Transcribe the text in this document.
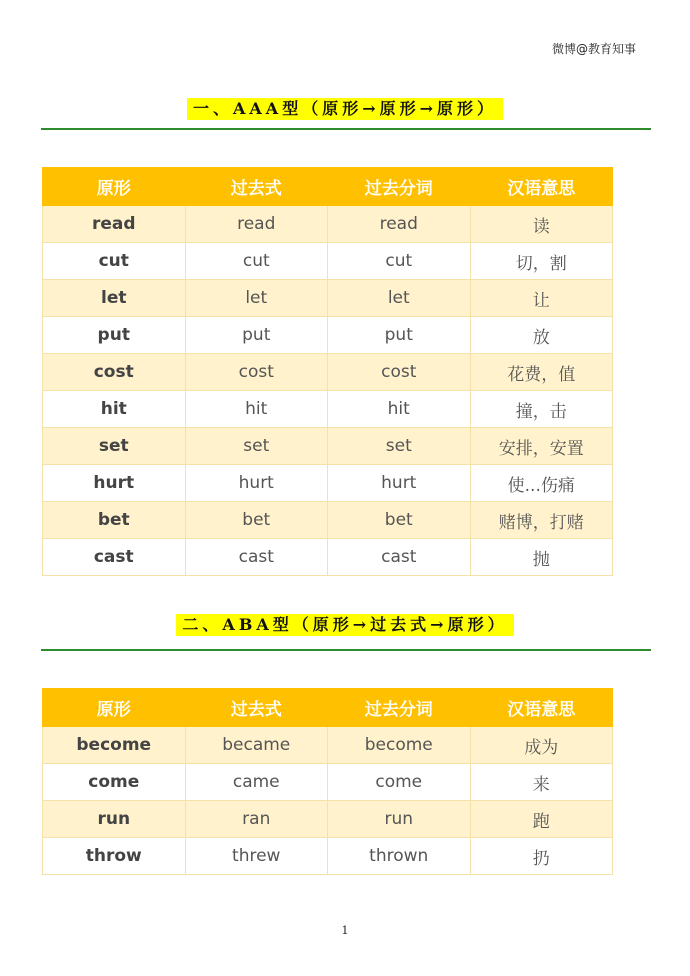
微博@教育知事
一、AAA型（原形→原形→原形）
原形	过去式	过去分词	汉语意思
read	read	read	读
cut	cut	cut	切，割
let	let	let	让
put	put	put	放
cost	cost	cost	花费，值
hit	hit	hit	撞，击
set	set	set	安排，安置
hurt	hurt	hurt	使...伤痛
bet	bet	bet	赌博，打赌
cast	cast	cast	抛
二、ABA型（原形→过去式→原形）
原形	过去式	过去分词	汉语意思
become	became	become	成为
come	came	come	来
run	ran	run	跑
throw	threw	thrown	扔
1
